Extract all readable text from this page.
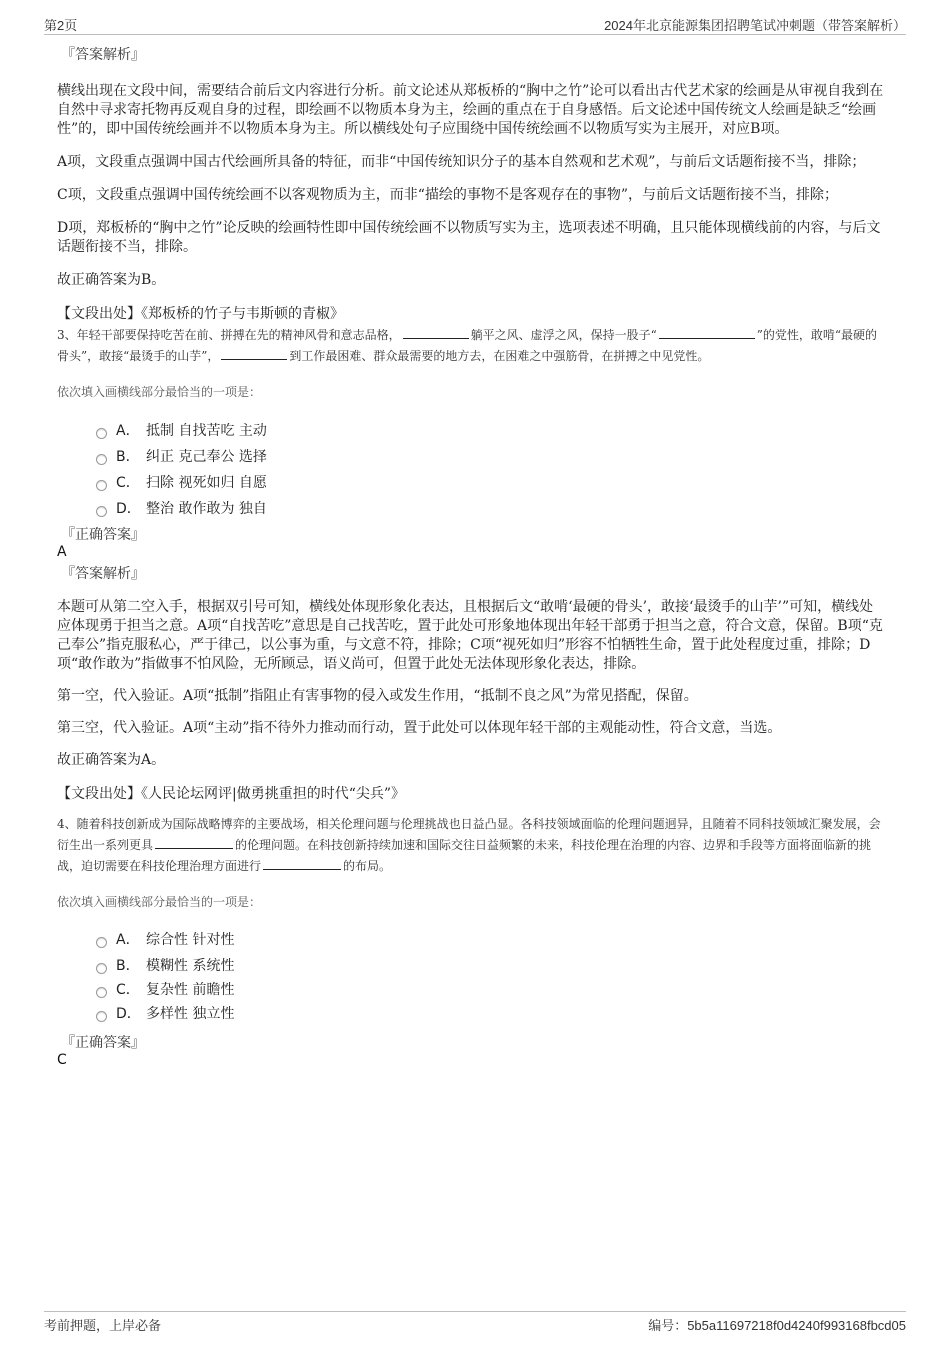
第2页	2024年北京能源集团招聘笔试冲刺题（带答案解析）
『答案解析』
横线出现在文段中间，需要结合前后文内容进行分析。前文论述从郑板桥的“胸中之竹”论可以看出古代艺术家的绘画是从审视自我到在自然中寻求寄托物再反观自身的过程，即绘画不以物质本身为主，绘画的重点在于自身感悟。后文论述中国传统文人绘画是缺乏“绘画性”的，即中国传统绘画并不以物质本身为主。所以横线处句子应围绕中国传统绘画不以物质写实为主展开，对应B项。
A项，文段重点强调中国古代绘画所具备的特征，而非“中国传统知识分子的基本自然观和艺术观”，与前后文话题衔接不当，排除；
C项，文段重点强调中国传统绘画不以客观物质为主，而非“描绘的事物不是客观存在的事物”，与前后文话题衔接不当，排除；
D项，郑板桥的“胸中之竹”论反映的绘画特性即中国传统绘画不以物质写实为主，选项表述不明确，且只能体现横线前的内容，与后文话题衔接不当，排除。
故正确答案为B。
【文段出处】《郑板桥的竹子与韦斯顿的青椒》
3、年轻干部要保持吃苦在前、拼搏在先的精神风骨和意志品格，	躺平之风、虚浮之风，保持一股子“	”的党性，敢啃“最硬的骨头”，敢接“最烫手的山芋”，	到工作最困难、群众最需要的地方去，在困难之中强筋骨，在拼搏之中见党性。
依次填入画横线部分最恰当的一项是：
A． 抵制 自找苦吃 主动
B． 纠正 克己奉公 选择
C． 扫除 视死如归 自愿
D． 整治 敢作敢为 独自
『正确答案』
A
『答案解析』
本题可从第二空入手，根据双引号可知，横线处体现形象化表达，且根据后文“敢啃‘最硬的骨头’，敢接‘最烫手的山芋’”可知，横线处应体现勇于担当之意。A项“自找苦吃”意思是自己找苦吃，置于此处可形象地体现出年轻干部勇于担当之意，符合文意，保留。B项“克己奉公”指克服私心，严于律己，以公事为重，与文意不符，排除；C项“视死如归”形容不怕牺牲生命，置于此处程度过重，排除；D项“敢作敢为”指做事不怕风险，无所顾忌，语义尚可，但置于此处无法体现形象化表达，排除。
第一空，代入验证。A项“抵制”指阻止有害事物的侵入或发生作用，“抵制不良之风”为常见搭配，保留。
第三空，代入验证。A项“主动”指不待外力推动而行动，置于此处可以体现年轻干部的主观能动性，符合文意，当选。
故正确答案为A。
【文段出处】《人民论坛网评|做勇挑重担的时代“尖兵”》
4、随着科技创新成为国际战略博弈的主要战场，相关伦理问题与伦理挑战也日益凸显。各科技领域面临的伦理问题迥异，且随着不同科技领域汇聚发展，会衍生出一系列更具	的伦理问题。在科技创新持续加速和国际交往日益频繁的未来，科技伦理在治理的内容、边界和手段等方面将面临新的挑战，迫切需要在科技伦理治理方面进行	的布局。
依次填入画横线部分最恰当的一项是：
A． 综合性 针对性
B． 模糊性 系统性
C． 复杂性 前瞻性
D． 多样性 独立性
『正确答案』
C
考前押题，上岸必备	编号：5b5a11697218f0d4240f993168fbcd05
